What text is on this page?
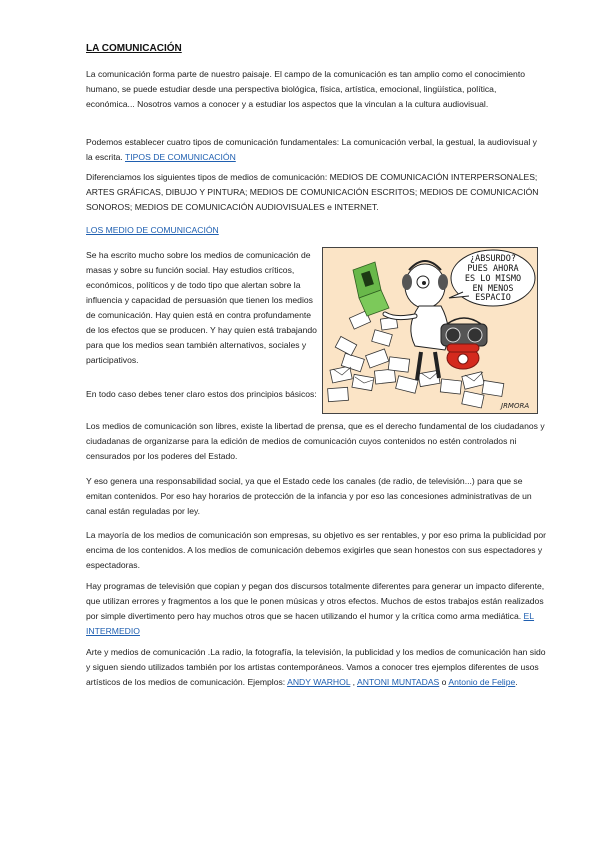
LA COMUNICACIÓN

La comunicación forma parte de nuestro paisaje. El campo de la comunicación es tan amplio como el conocimiento humano, se puede estudiar desde una perspectiva biológica, física, artística, emocional, lingüística, política, económica... Nosotros vamos a conocer y a estudiar los aspectos que la vinculan a la cultura audiovisual.

Podemos establecer cuatro tipos de comunicación fundamentales: La comunicación verbal, la gestual, la audiovisual y la escrita. TIPOS DE COMUNICACIÓN

Diferenciamos los siguientes tipos de medios de comunicación: MEDIOS DE COMUNICACIÓN INTERPERSONALES; ARTES GRÁFICAS, DIBUJO Y PINTURA; MEDIOS DE COMUNICACIÓN ESCRITOS; MEDIOS DE COMUNICACIÓN SONOROS; MEDIOS DE COMUNICACIÓN AUDIOVISUALES e INTERNET.

LOS MEDIO DE COMUNICACIÓN

Se ha escrito mucho sobre los medios de comunicación de masas y sobre su función social. Hay estudios críticos, económicos, políticos y de todo tipo que alertan sobre la influencia y capacidad de persuasión que tienen los medios de comunicación. Hay quien está en contra profundamente de los efectos que se producen. Y hay quien está trabajando para que los medios sean también alternativos, sociales y participativos.

En todo caso debes tener claro estos dos principios básicos:

¿ABSURDO?
PUES AHORA
ES LO MISMO
EN MENOS
ESPACIO
JRMORA

Los medios de comunicación son libres, existe la libertad de prensa, que es el derecho fundamental de los ciudadanos y ciudadanas de organizarse para la edición de medios de comunicación cuyos contenidos no estén controlados ni censurados por los poderes del Estado.

Y eso genera una responsabilidad social, ya que el Estado cede los canales (de radio, de televisión...) para que se emitan contenidos. Por eso hay horarios de protección de la infancia y por eso las concesiones administrativas de un canal están reguladas por ley.

La mayoría de los medios de comunicación son empresas, su objetivo es ser rentables, y por eso prima la publicidad por encima de los contenidos. A los medios de comunicación debemos exigirles que sean honestos con sus espectadores y espectadoras.

Hay programas de televisión que copian y pegan dos discursos totalmente diferentes para generar un impacto diferente, que utilizan errores y fragmentos a los que le ponen músicas y otros efectos. Muchos de estos trabajos están realizados por simple divertimento pero hay muchos otros que se hacen utilizando el humor y la crítica como arma mediática. EL INTERMEDIO

Arte y medios de comunicación .La radio, la fotografía, la televisión, la publicidad y los medios de comunicación han sido y siguen siendo utilizados también por los artistas contemporáneos. Vamos a conocer tres ejemplos diferentes de usos artísticos de los medios de comunicación. Ejemplos: ANDY WARHOL , ANTONI MUNTADAS o Antonio de Felipe.
